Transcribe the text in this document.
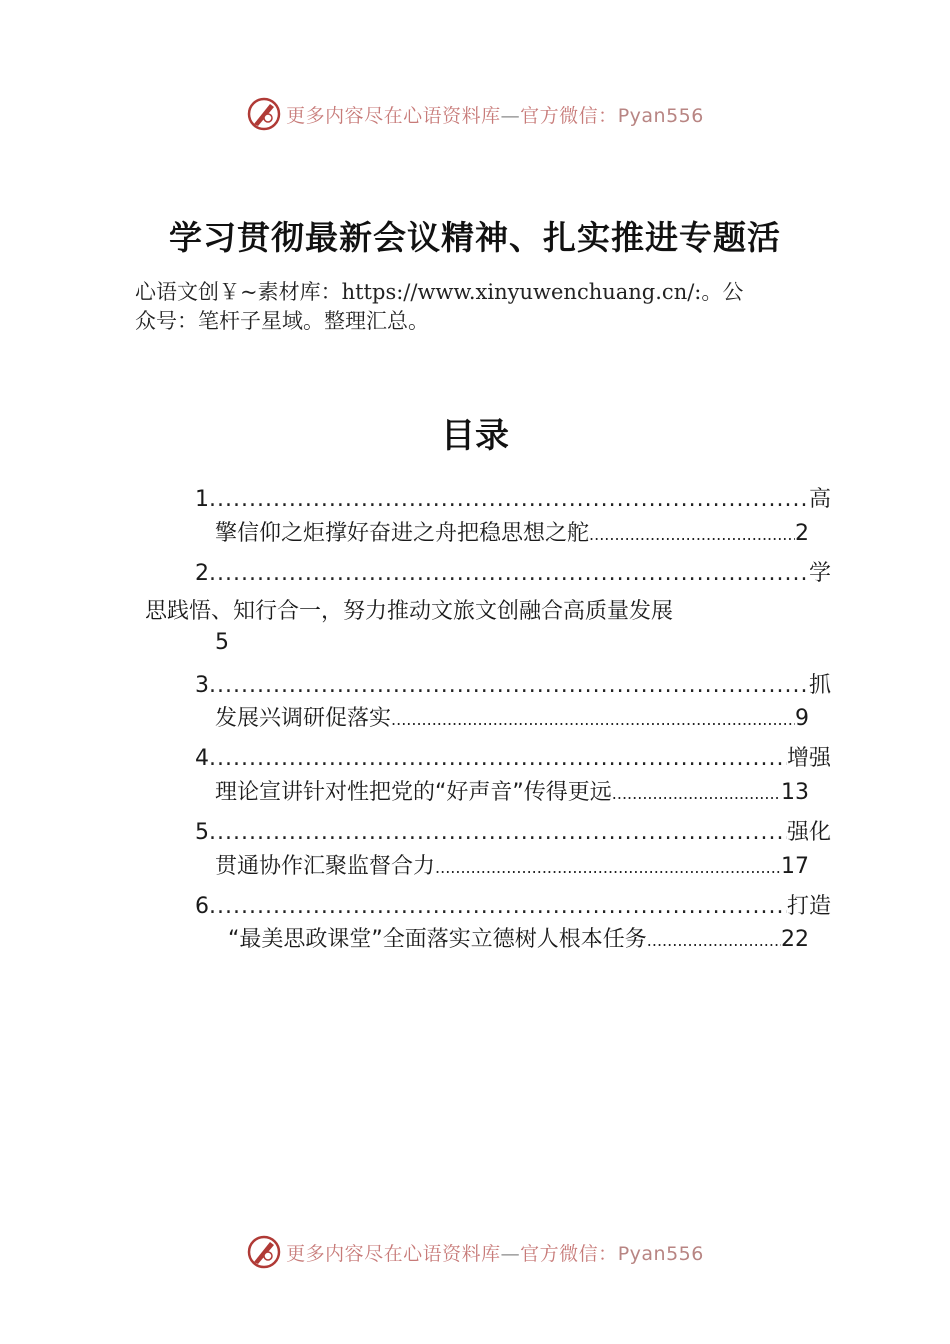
更多内容尽在心语资料库—官方微信：Pyan556
学习贯彻最新会议精神、扎实推进专题活
心语文创￥~素材库：https://www.xinyuwenchuang.cn/:。公
众号：笔杆子星域。整理汇总。
目录
1 .....	高
擎信仰之炬撑好奋进之舟把稳思想之舵 .....	2
2 .....	学
思践悟、知行合一，努力推动文旅文创融合高质量发展
5
3 .....	抓
发展兴调研促落实 .....	9
4 .....	增强
理论宣讲针对性把党的“好声音”传得更远 .....	13
5 .....	强化
贯通协作汇聚监督合力 .....	17
6 .....	打造
“最美思政课堂”全面落实立德树人根本任务 .....	22
更多内容尽在心语资料库—官方微信：Pyan556
